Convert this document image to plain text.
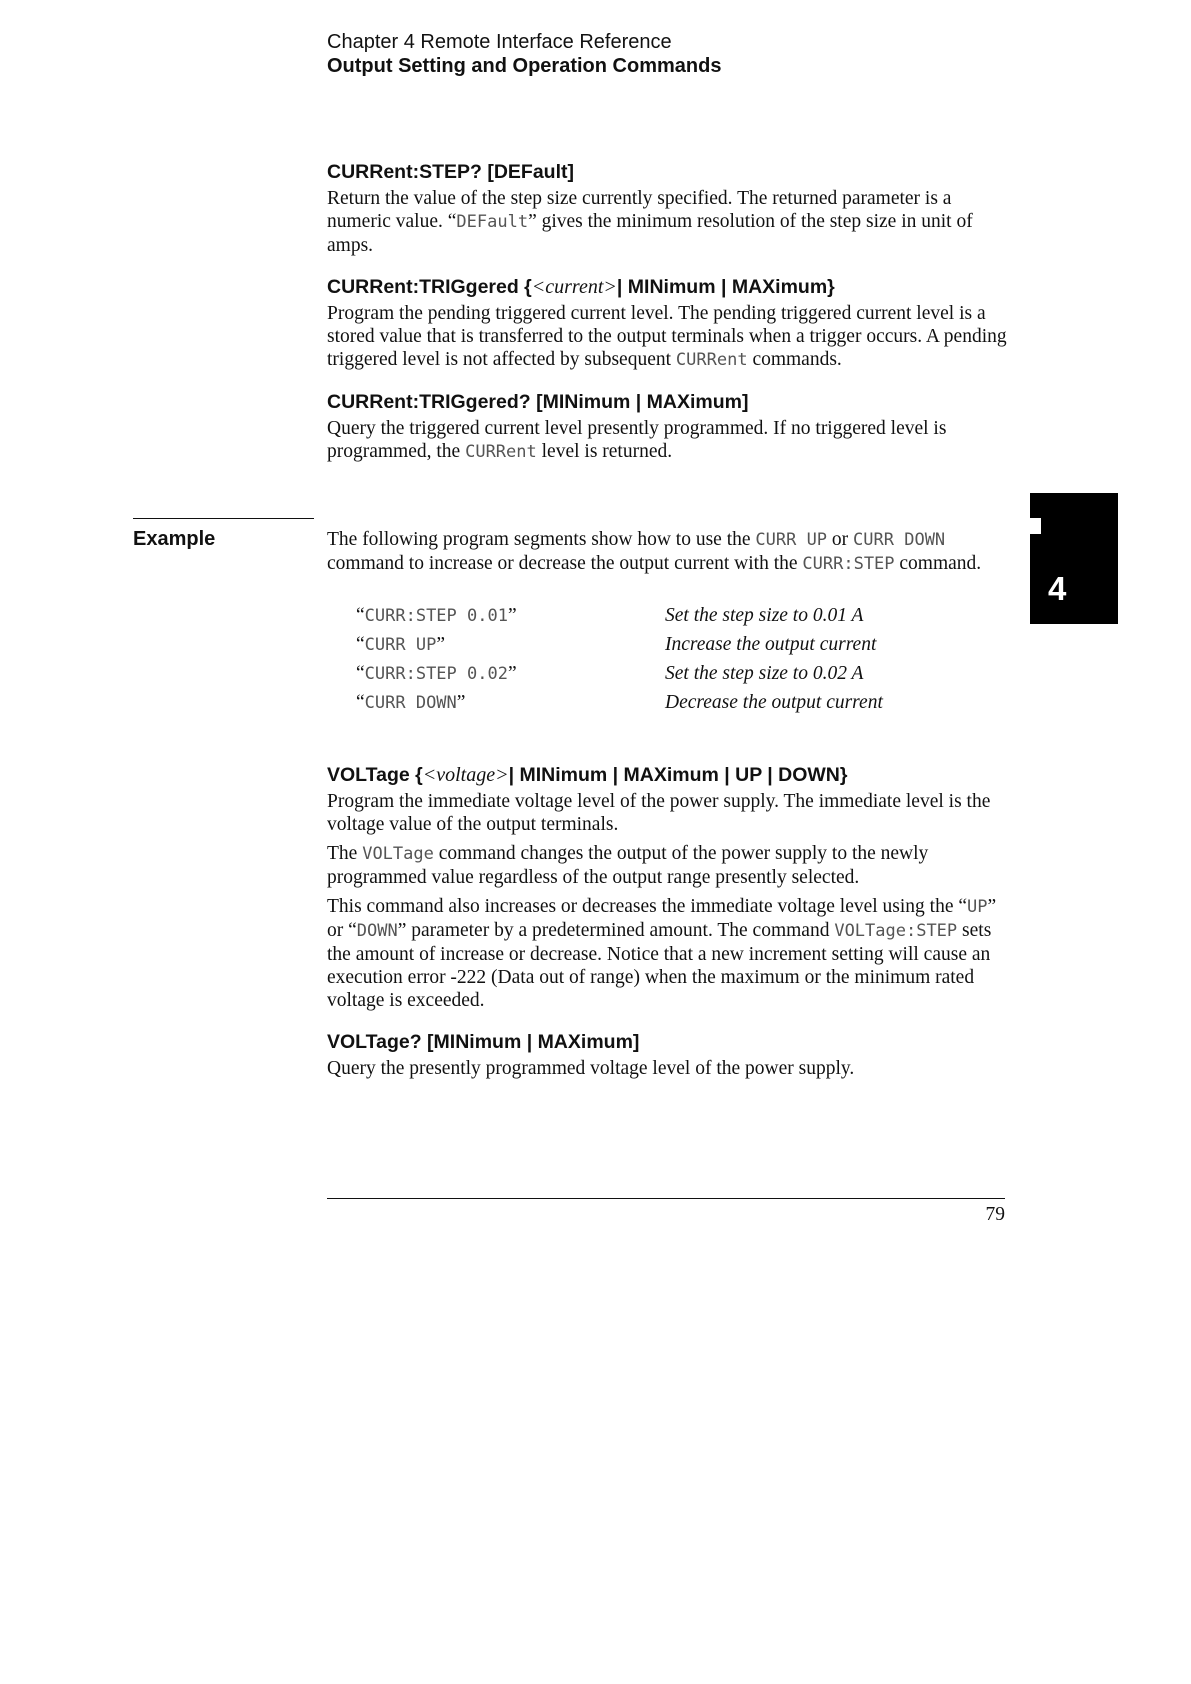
Chapter 4 Remote Interface Reference
Output Setting and Operation Commands
CURRent:STEP? [DEFault]
Return the value of the step size currently specified. The returned parameter is a numeric value. “DEFault” gives the minimum resolution of the step size in unit of amps.
CURRent:TRIGgered {<current>| MINimum | MAXimum}
Program the pending triggered current level. The pending triggered current level is a stored value that is transferred to the output terminals when a trigger occurs. A pending triggered level is not affected by subsequent CURRent commands.
CURRent:TRIGgered? [MINimum | MAXimum]
Query the triggered current level presently programmed. If no triggered level is programmed, the CURRent level is returned.
Example	The following program segments show how to use the CURR UP or CURR DOWN command to increase or decrease the output current with the CURR:STEP command.
“CURR:STEP 0.01”	Set the step size to 0.01 A
“CURR UP”	Increase the output current
“CURR:STEP 0.02”	Set the step size to 0.02 A
“CURR DOWN”	Decrease the output current
VOLTage {<voltage>| MINimum | MAXimum | UP | DOWN}
Program the immediate voltage level of the power supply. The immediate level is the voltage value of the output terminals.
The VOLTage command changes the output of the power supply to the newly programmed value regardless of the output range presently selected.
This command also increases or decreases the immediate voltage level using the “UP” or “DOWN” parameter by a predetermined amount. The command VOLTage:STEP sets the amount of increase or decrease. Notice that a new increment setting will cause an execution error -222 (Data out of range) when the maximum or the minimum rated voltage is exceeded.
VOLTage? [MINimum | MAXimum]
Query the presently programmed voltage level of the power supply.
4
79
